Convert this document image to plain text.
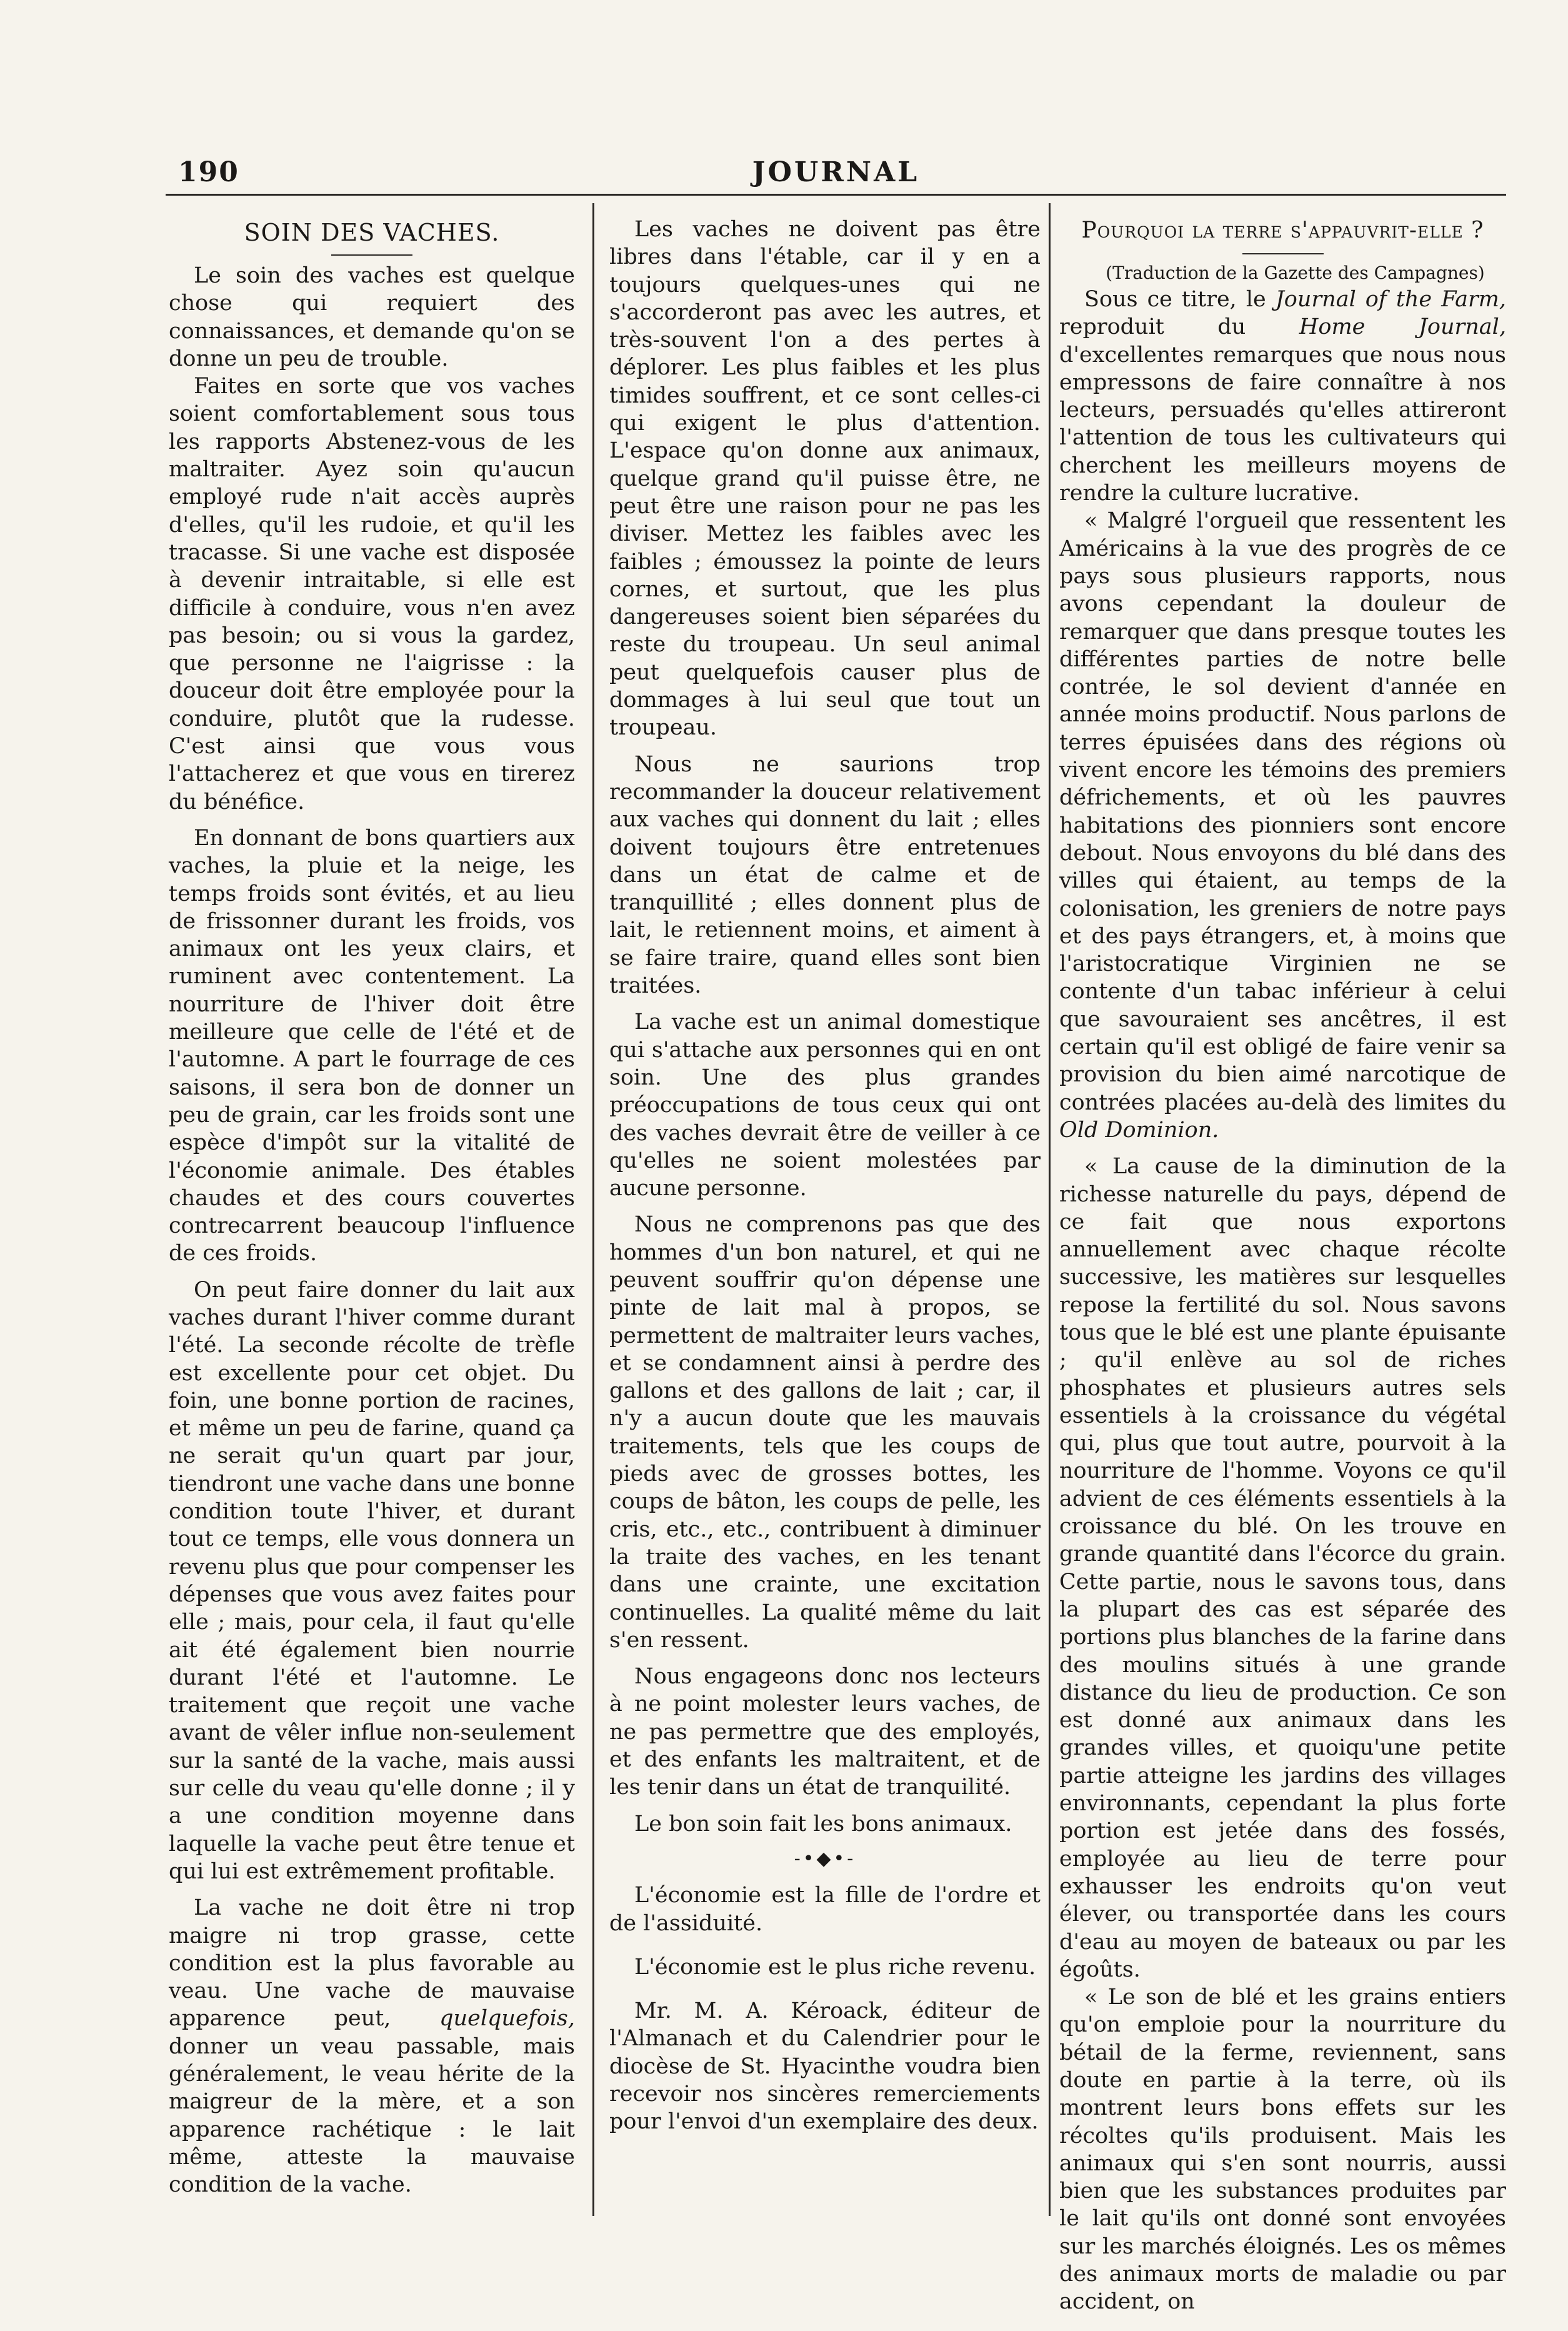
190	JOURNAL
SOIN DES VACHES.

Le soin des vaches est quelque chose qui requiert des connaissances, et demande qu'on se donne un peu de trouble.

Faites en sorte que vos vaches soient comfortablement sous tous les rapports Abstenez-vous de les maltraiter. Ayez soin qu'aucun employé rude n'ait accès auprès d'elles, qu'il les rudoie, et qu'il les tracasse. Si une vache est disposée à devenir intraitable, si elle est difficile à conduire, vous n'en avez pas besoin; ou si vous la gardez, que personne ne l'aigrisse : la douceur doit être employée pour la conduire, plutôt que la rudesse. C'est ainsi que vous vous l'attacherez et que vous en tirerez du bénéfice.

En donnant de bons quartiers aux vaches, la pluie et la neige, les temps froids sont évités, et au lieu de frissonner durant les froids, vos animaux ont les yeux clairs, et ruminent avec contentement. La nourriture de l'hiver doit être meilleure que celle de l'été et de l'automne. A part le fourrage de ces saisons, il sera bon de donner un peu de grain, car les froids sont une espèce d'impôt sur la vitalité de l'économie animale. Des étables chaudes et des cours couvertes contrecarrent beaucoup l'influence de ces froids.

On peut faire donner du lait aux vaches durant l'hiver comme durant l'été. La seconde récolte de trèfle est excellente pour cet objet. Du foin, une bonne portion de racines, et même un peu de farine, quand ça ne serait qu'un quart par jour, tiendront une vache dans une bonne condition toute l'hiver, et durant tout ce temps, elle vous donnera un revenu plus que pour compenser les dépenses que vous avez faites pour elle ; mais, pour cela, il faut qu'elle ait été également bien nourrie durant l'été et l'automne. Le traitement que reçoit une vache avant de vêler influe non-seulement sur la santé de la vache, mais aussi sur celle du veau qu'elle donne ; il y a une condition moyenne dans laquelle la vache peut être tenue et qui lui est extrêmement profitable.

La vache ne doit être ni trop maigre ni trop grasse, cette condition est la plus favorable au veau. Une vache de mauvaise apparence peut, quelquefois, donner un veau passable, mais généralement, le veau hérite de la maigreur de la mère, et a son apparence rachétique : le lait même, atteste la mauvaise condition de la vache.

Les vaches ne doivent pas être libres dans l'étable, car il y en a toujours quelques-unes qui ne s'accorderont pas avec les autres, et très-souvent l'on a des pertes à déplorer. Les plus faibles et les plus timides souffrent, et ce sont celles-ci qui exigent le plus d'attention. L'espace qu'on donne aux animaux, quelque grand qu'il puisse être, ne peut être une raison pour ne pas les diviser. Mettez les faibles avec les faibles ; émoussez la pointe de leurs cornes, et surtout, que les plus dangereuses soient bien séparées du reste du troupeau. Un seul animal peut quelquefois causer plus de dommages à lui seul que tout un troupeau.

Nous ne saurions trop recommander la douceur relativement aux vaches qui donnent du lait ; elles doivent toujours être entretenues dans un état de calme et de tranquillité ; elles donnent plus de lait, le retiennent moins, et aiment à se faire traire, quand elles sont bien traitées.

La vache est un animal domestique qui s'attache aux personnes qui en ont soin. Une des plus grandes préoccupations de tous ceux qui ont des vaches devrait être de veiller à ce qu'elles ne soient molestées par aucune personne.

Nous ne comprenons pas que des hommes d'un bon naturel, et qui ne peuvent souffrir qu'on dépense une pinte de lait mal à propos, se permettent de maltraiter leurs vaches, et se condamnent ainsi à perdre des gallons et des gallons de lait ; car, il n'y a aucun doute que les mauvais traitements, tels que les coups de pieds avec de grosses bottes, les coups de bâton, les coups de pelle, les cris, etc., etc., contribuent à diminuer la traite des vaches, en les tenant dans une crainte, une excitation continuelles. La qualité même du lait s'en ressent.

Nous engageons donc nos lecteurs à ne point molester leurs vaches, de ne pas permettre que des employés, et des enfants les maltraitent, et de les tenir dans un état de tranquilité.

Le bon soin fait les bons animaux.

-•◆•-

L'économie est la fille de l'ordre et de l'assiduité.

L'économie est le plus riche revenu.

Mr. M. A. Kéroack, éditeur de l'Almanach et du Calendrier pour le diocèse de St. Hyacinthe voudra bien recevoir nos sincères remerciements pour l'envoi d'un exemplaire des deux.

Pourquoi la terre s'appauvrit-elle ?

(Traduction de la Gazette des Campagnes)

Sous ce titre, le Journal of the Farm, reproduit du Home Journal, d'excellentes remarques que nous nous empressons de faire connaître à nos lecteurs, persuadés qu'elles attireront l'attention de tous les cultivateurs qui cherchent les meilleurs moyens de rendre la culture lucrative.

« Malgré l'orgueil que ressentent les Américains à la vue des progrès de ce pays sous plusieurs rapports, nous avons cependant la douleur de remarquer que dans presque toutes les différentes parties de notre belle contrée, le sol devient d'année en année moins productif. Nous parlons de terres épuisées dans des régions où vivent encore les témoins des premiers défrichements, et où les pauvres habitations des pionniers sont encore debout. Nous envoyons du blé dans des villes qui étaient, au temps de la colonisation, les greniers de notre pays et des pays étrangers, et, à moins que l'aristocratique Virginien ne se contente d'un tabac inférieur à celui que savouraient ses ancêtres, il est certain qu'il est obligé de faire venir sa provision du bien aimé narcotique de contrées placées au-delà des limites du Old Dominion.

« La cause de la diminution de la richesse naturelle du pays, dépend de ce fait que nous exportons annuellement avec chaque récolte successive, les matières sur lesquelles repose la fertilité du sol. Nous savons tous que le blé est une plante épuisante ; qu'il enlève au sol de riches phosphates et plusieurs autres sels essentiels à la croissance du végétal qui, plus que tout autre, pourvoit à la nourriture de l'homme. Voyons ce qu'il advient de ces éléments essentiels à la croissance du blé. On les trouve en grande quantité dans l'écorce du grain. Cette partie, nous le savons tous, dans la plupart des cas est séparée des portions plus blanches de la farine dans des moulins situés à une grande distance du lieu de production. Ce son est donné aux animaux dans les grandes villes, et quoiqu'une petite partie atteigne les jardins des villages environnants, cependant la plus forte portion est jetée dans des fossés, employée au lieu de terre pour exhausser les endroits qu'on veut élever, ou transportée dans les cours d'eau au moyen de bateaux ou par les égoûts.

« Le son de blé et les grains entiers qu'on emploie pour la nourriture du bétail de la ferme, reviennent, sans doute en partie à la terre, où ils montrent leurs bons effets sur les récoltes qu'ils produisent. Mais les animaux qui s'en sont nourris, aussi bien que les substances produites par le lait qu'ils ont donné sont envoyées sur les marchés éloignés. Les os mêmes des animaux morts de maladie ou par accident, on
